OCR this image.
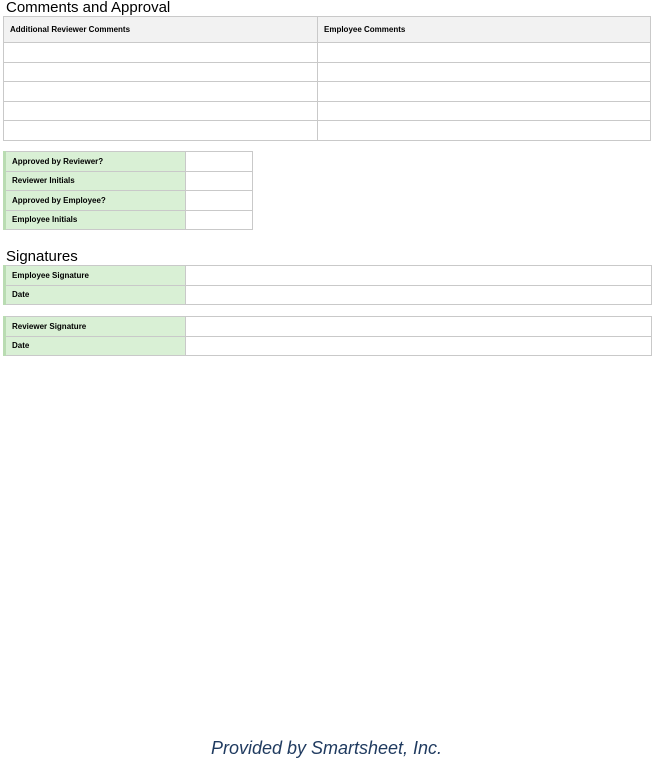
Comments and Approval
Additional Reviewer Comments	Employee Comments

Approved by Reviewer?	
Reviewer Initials	
Approved by Employee?	
Employee Initials	
Signatures
Employee Signature	
Date	
Reviewer Signature	
Date	
Provided by Smartsheet, Inc.
